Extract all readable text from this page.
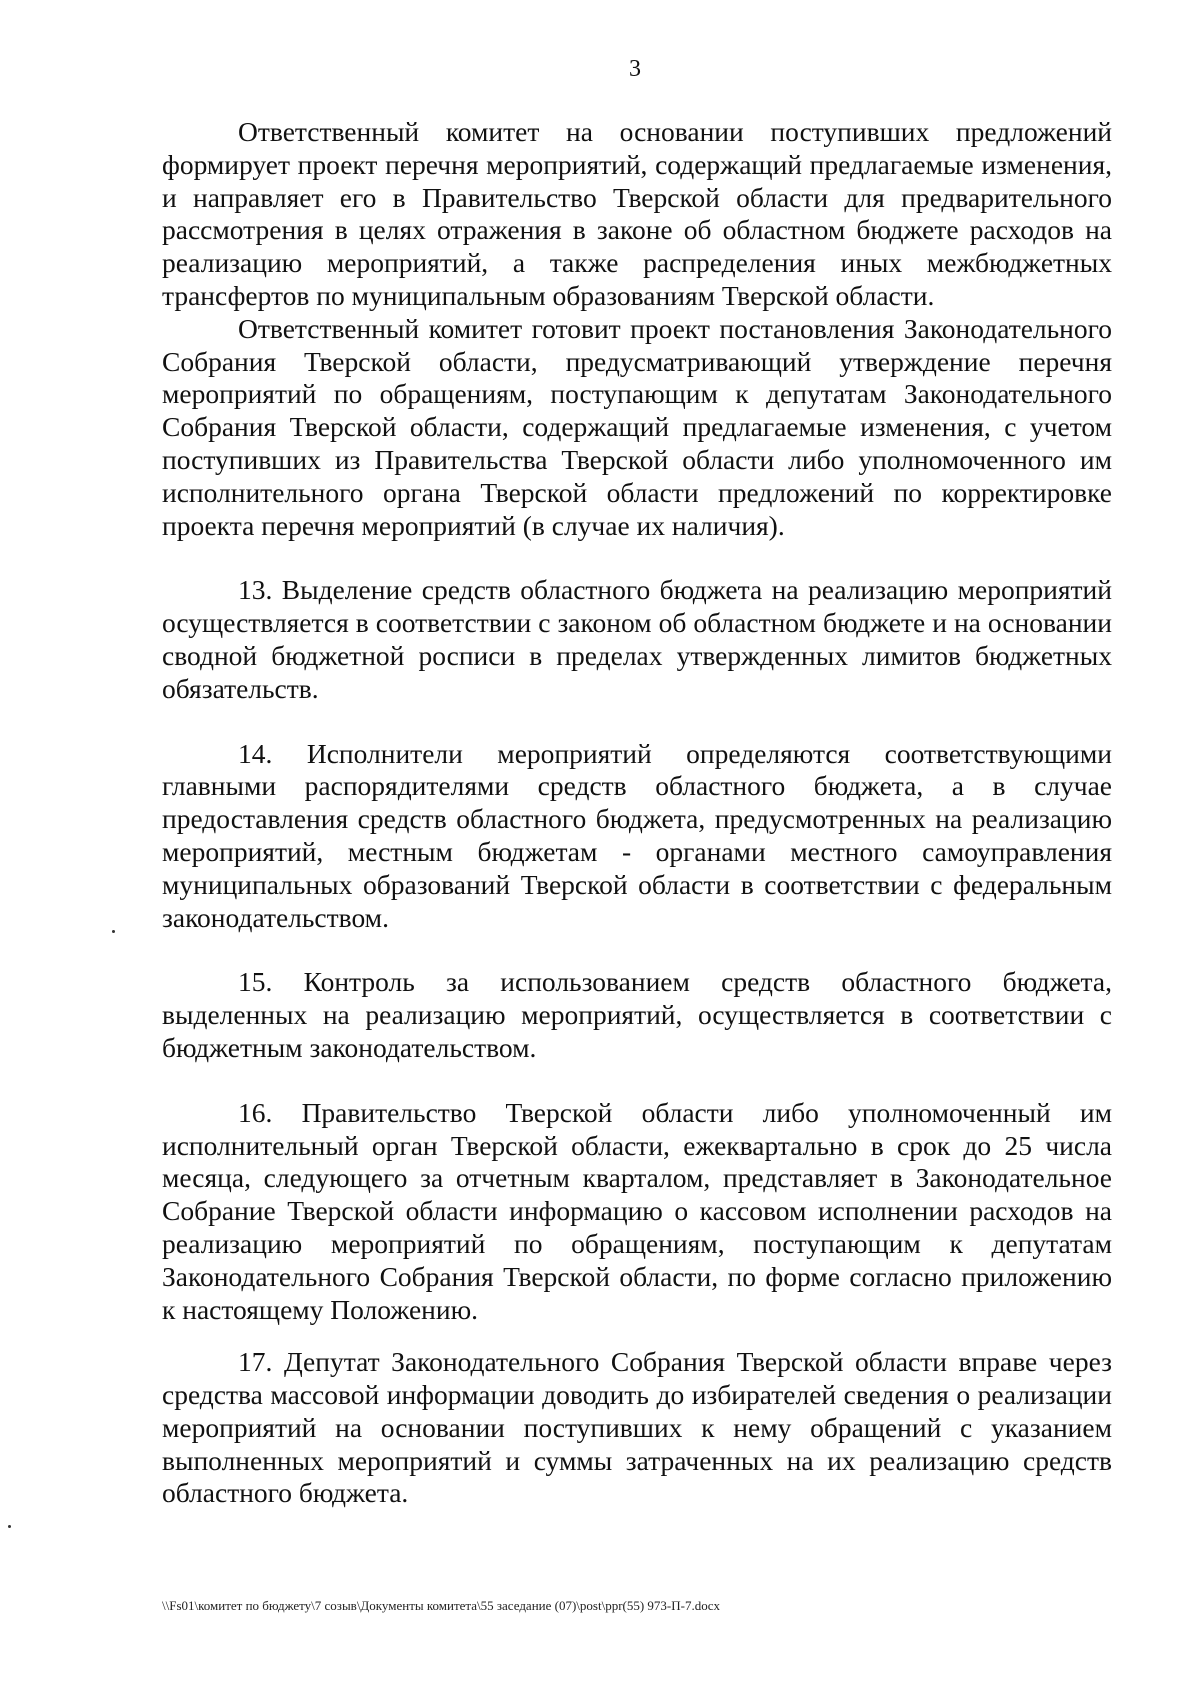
3

Ответственный комитет на основании поступивших предложений формирует проект перечня мероприятий, содержащий предлагаемые изменения, и направляет его в Правительство Тверской области для предварительного рассмотрения в целях отражения в законе об областном бюджете расходов на реализацию мероприятий, а также распределения иных межбюджетных трансфертов по муниципальным образованиям Тверской области.

Ответственный комитет готовит проект постановления Законодательного Собрания Тверской области, предусматривающий утверждение перечня мероприятий по обращениям, поступающим к депутатам Законодательного Собрания Тверской области, содержащий предлагаемые изменения, с учетом поступивших из Правительства Тверской области либо уполномоченного им исполнительного органа Тверской области предложений по корректировке проекта перечня мероприятий (в случае их наличия).

13. Выделение средств областного бюджета на реализацию мероприятий осуществляется в соответствии с законом об областном бюджете и на основании сводной бюджетной росписи в пределах утвержденных лимитов бюджетных обязательств.

14. Исполнители мероприятий определяются соответствующими главными распорядителями средств областного бюджета, а в случае предоставления средств областного бюджета, предусмотренных на реализацию мероприятий, местным бюджетам - органами местного самоуправления муниципальных образований Тверской области в соответствии с федеральным законодательством.

15. Контроль за использованием средств областного бюджета, выделенных на реализацию мероприятий, осуществляется в соответствии с бюджетным законодательством.

16. Правительство Тверской области либо уполномоченный им исполнительный орган Тверской области, ежеквартально в срок до 25 числа месяца, следующего за отчетным кварталом, представляет в Законодательное Собрание Тверской области информацию о кассовом исполнении расходов на реализацию мероприятий по обращениям, поступающим к депутатам Законодательного Собрания Тверской области, по форме согласно приложению к настоящему Положению.

17. Депутат Законодательного Собрания Тверской области вправе через средства массовой информации доводить до избирателей сведения о реализации мероприятий на основании поступивших к нему обращений с указанием выполненных мероприятий и суммы затраченных на их реализацию средств областного бюджета.

\\Fs01\комитет по бюджету\7 созыв\Документы комитета\55 заседание (07)\post\ppr(55) 973-П-7.docx
